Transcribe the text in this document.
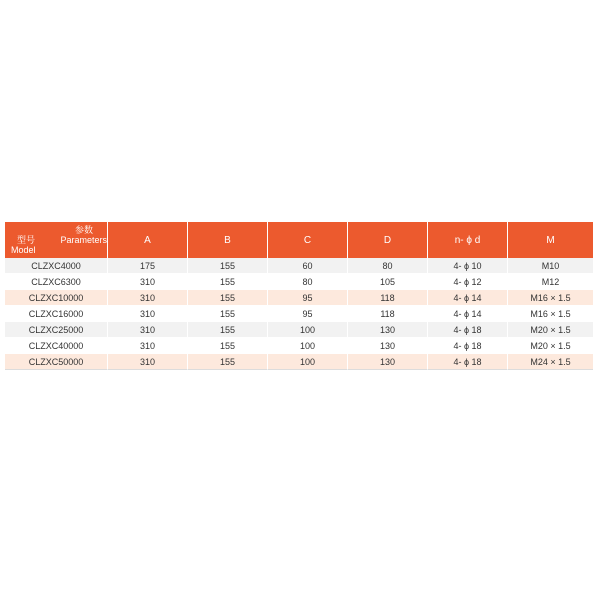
参数
Parameters
型号
Model	A	B	C	D	n- ϕ d	M
CLZXC4000	175	155	60	80	4- ϕ 10	M10
CLZXC6300	310	155	80	105	4- ϕ 12	M12
CLZXC10000	310	155	95	118	4- ϕ 14	M16 × 1.5
CLZXC16000	310	155	95	118	4- ϕ 14	M16 × 1.5
CLZXC25000	310	155	100	130	4- ϕ 18	M20 × 1.5
CLZXC40000	310	155	100	130	4- ϕ 18	M20 × 1.5
CLZXC50000	310	155	100	130	4- ϕ 18	M24 × 1.5
